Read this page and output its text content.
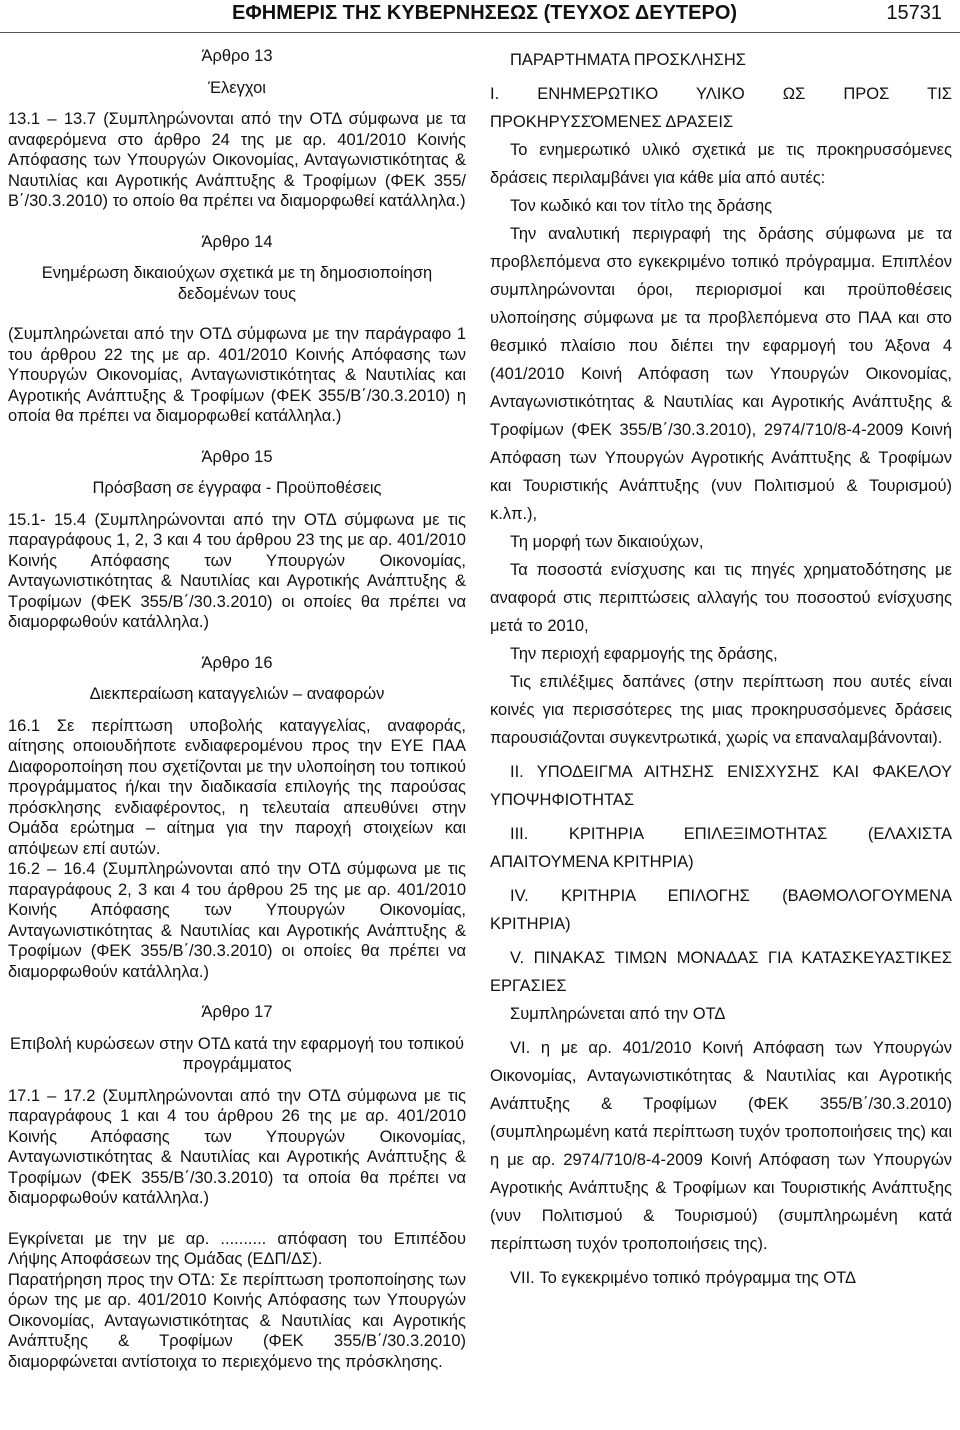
ΕΦΗΜΕΡΙΣ ΤΗΣ ΚΥΒΕΡΝΗΣΕΩΣ (ΤΕΥΧΟΣ ΔΕΥΤΕΡΟ)	15731

Άρθρο 13

Έλεγχοι

13.1 – 13.7 (Συμπληρώνονται από την ΟΤΔ σύμφωνα με τα αναφερόμενα στο άρθρο 24 της με αρ. 401/2010 Κοινής Απόφασης των Υπουργών Οικονομίας, Ανταγωνιστικότητας & Ναυτιλίας και Αγροτικής Ανάπτυξης & Τροφίμων (ΦΕΚ 355/Β΄/30.3.2010) το οποίο θα πρέπει να διαμορφωθεί κατάλληλα.)

Άρθρο 14

Ενημέρωση δικαιούχων σχετικά με τη δημοσιοποίηση δεδομένων τους

(Συμπληρώνεται από την ΟΤΔ σύμφωνα με την παράγραφο 1 του άρθρου 22 της με αρ. 401/2010 Κοινής Απόφασης των Υπουργών Οικονομίας, Ανταγωνιστικότητας & Ναυτιλίας και Αγροτικής Ανάπτυξης & Τροφίμων (ΦΕΚ 355/Β΄/30.3.2010) η οποία θα πρέπει να διαμορφωθεί κατάλληλα.)

Άρθρο 15

Πρόσβαση σε έγγραφα - Προϋποθέσεις

15.1- 15.4 (Συμπληρώνονται από την ΟΤΔ σύμφωνα με τις παραγράφους 1, 2, 3 και 4 του άρθρου 23 της με αρ. 401/2010 Κοινής Απόφασης των Υπουργών Οικονομίας, Ανταγωνιστικότητας & Ναυτιλίας και Αγροτικής Ανάπτυξης & Τροφίμων (ΦΕΚ 355/Β΄/30.3.2010) οι οποίες θα πρέπει να διαμορφωθούν κατάλληλα.)

Άρθρο 16

Διεκπεραίωση καταγγελιών – αναφορών

16.1 Σε περίπτωση υποβολής καταγγελίας, αναφοράς, αίτησης οποιουδήποτε ενδιαφερομένου προς την ΕΥΕ ΠΑΑ Διαφοροποίηση που σχετίζονται με την υλοποίηση του τοπικού προγράμματος ή/και την διαδικασία επιλογής της παρούσας πρόσκλησης ενδιαφέροντος, η τελευταία απευθύνει στην Ομάδα ερώτημα – αίτημα για την παροχή στοιχείων και απόψεων επί αυτών.

16.2 – 16.4 (Συμπληρώνονται από την ΟΤΔ σύμφωνα με τις παραγράφους 2, 3 και 4 του άρθρου 25 της με αρ. 401/2010 Κοινής Απόφασης των Υπουργών Οικονομίας, Ανταγωνιστικότητας & Ναυτιλίας και Αγροτικής Ανάπτυξης & Τροφίμων (ΦΕΚ 355/Β΄/30.3.2010) οι οποίες θα πρέπει να διαμορφωθούν κατάλληλα.)

Άρθρο 17

Επιβολή κυρώσεων στην ΟΤΔ κατά την εφαρμογή του τοπικού προγράμματος

17.1 – 17.2 (Συμπληρώνονται από την ΟΤΔ σύμφωνα με τις παραγράφους 1 και 4 του άρθρου 26 της με αρ. 401/2010 Κοινής Απόφασης των Υπουργών Οικονομίας, Ανταγωνιστικότητας & Ναυτιλίας και Αγροτικής Ανάπτυξης & Τροφίμων (ΦΕΚ 355/Β΄/30.3.2010) τα οποία θα πρέπει να διαμορφωθούν κατάλληλα.)

Εγκρίνεται με την με αρ. .......... απόφαση του Επιπέδου Λήψης Αποφάσεων της Ομάδας (ΕΔΠ/ΔΣ).

Παρατήρηση προς την ΟΤΔ: Σε περίπτωση τροποποίησης των όρων της με αρ. 401/2010 Κοινής Απόφασης των Υπουργών Οικονομίας, Ανταγωνιστικότητας & Ναυτιλίας και Αγροτικής Ανάπτυξης & Τροφίμων (ΦΕΚ 355/Β΄/30.3.2010) διαμορφώνεται αντίστοιχα το περιεχόμενο της πρόσκλησης.

ΠΑΡΑΡΤΗΜΑΤΑ ΠΡΟΣΚΛΗΣΗΣ

Ι. ΕΝΗΜΕΡΩΤΙΚΟ ΥΛΙΚΟ ΩΣ ΠΡΟΣ ΤΙΣ ΠΡΟΚΗΡΥΣΣΌΜΕΝΕΣ ΔΡΑΣΕΙΣ

Το ενημερωτικό υλικό σχετικά με τις προκηρυσσόμενες δράσεις περιλαμβάνει για κάθε μία από αυτές:

Τον κωδικό και τον τίτλο της δράσης

Την αναλυτική περιγραφή της δράσης σύμφωνα με τα προβλεπόμενα στο εγκεκριμένο τοπικό πρόγραμμα. Επιπλέον συμπληρώνονται όροι, περιορισμοί και προϋποθέσεις υλοποίησης σύμφωνα με τα προβλεπόμενα στο ΠΑΑ και στο θεσμικό πλαίσιο που διέπει την εφαρμογή του Άξονα 4 (401/2010 Κοινή Απόφαση των Υπουργών Οικονομίας, Ανταγωνιστικότητας & Ναυτιλίας και Αγροτικής Ανάπτυξης & Τροφίμων (ΦΕΚ 355/Β΄/30.3.2010), 2974/710/8-4-2009 Κοινή Απόφαση των Υπουργών Αγροτικής Ανάπτυξης & Τροφίμων και Τουριστικής Ανάπτυξης (νυν Πολιτισμού & Τουρισμού) κ.λπ.),

Τη μορφή των δικαιούχων,

Τα ποσοστά ενίσχυσης και τις πηγές χρηματοδότησης με αναφορά στις περιπτώσεις αλλαγής του ποσοστού ενίσχυσης μετά το 2010,

Την περιοχή εφαρμογής της δράσης,

Τις επιλέξιμες δαπάνες (στην περίπτωση που αυτές είναι κοινές για περισσότερες της μιας προκηρυσσόμενες δράσεις παρουσιάζονται συγκεντρωτικά, χωρίς να επαναλαμβάνονται).

ΙΙ. ΥΠΟΔΕΙΓΜΑ ΑΙΤΗΣΗΣ ΕΝΙΣΧΥΣΗΣ ΚΑΙ ΦΑΚΕΛΟΥ ΥΠΟΨΗΦΙΟΤΗΤΑΣ

ΙΙΙ. ΚΡΙΤΗΡΙΑ ΕΠΙΛΕΞΙΜΟΤΗΤΑΣ (ΕΛΑΧΙΣΤΑ ΑΠΑΙΤΟΥΜΕΝΑ ΚΡΙΤΗΡΙΑ)

IV. ΚΡΙΤΗΡΙΑ ΕΠΙΛΟΓΗΣ (ΒΑΘΜΟΛΟΓΟΥΜΕΝΑ ΚΡΙΤΗΡΙΑ)

V. ΠΙΝΑΚΑΣ ΤΙΜΩΝ ΜΟΝΑΔΑΣ ΓΙΑ ΚΑΤΑΣΚΕΥΑΣΤΙΚΕΣ ΕΡΓΑΣΙΕΣ

Συμπληρώνεται από την ΟΤΔ

VI. η με αρ. 401/2010 Κοινή Απόφαση των Υπουργών Οικονομίας, Ανταγωνιστικότητας & Ναυτιλίας και Αγροτικής Ανάπτυξης & Τροφίμων (ΦΕΚ 355/Β΄/30.3.2010) (συμπληρωμένη κατά περίπτωση τυχόν τροποποιήσεις της) και η με αρ. 2974/710/8-4-2009 Κοινή Απόφαση των Υπουργών Αγροτικής Ανάπτυξης & Τροφίμων και Τουριστικής Ανάπτυξης (νυν Πολιτισμού & Τουρισμού) (συμπληρωμένη κατά περίπτωση τυχόν τροποποιήσεις της).

VII. Το εγκεκριμένο τοπικό πρόγραμμα της ΟΤΔ
